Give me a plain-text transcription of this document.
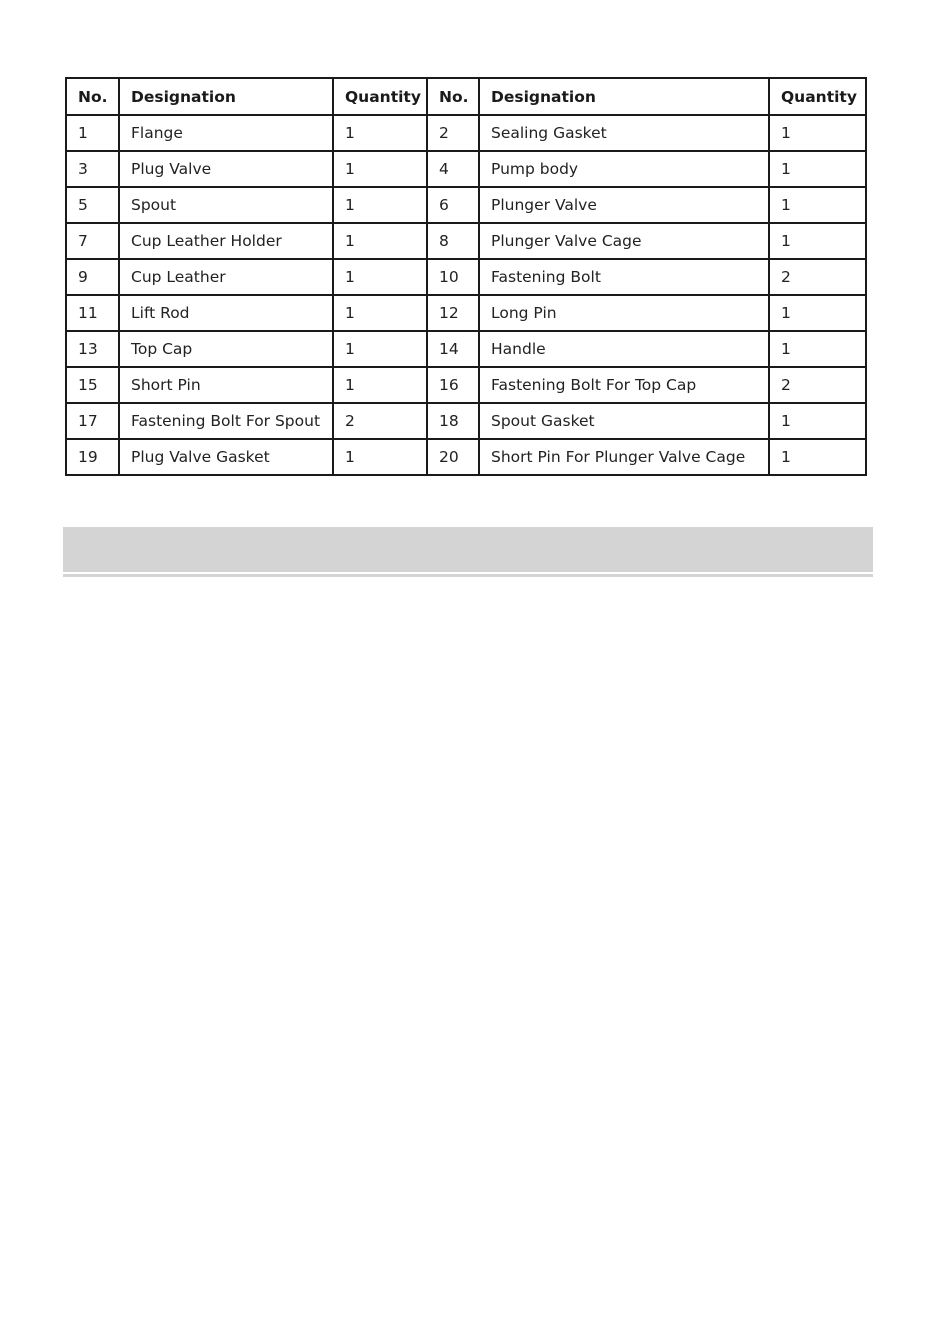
No.	Designation	Quantity	No.	Designation	Quantity
1	Flange	1	2	Sealing Gasket	1
3	Plug Valve	1	4	Pump body	1
5	Spout	1	6	Plunger Valve	1
7	Cup Leather Holder	1	8	Plunger Valve Cage	1
9	Cup Leather	1	10	Fastening Bolt	2
11	Lift Rod	1	12	Long Pin	1
13	Top Cap	1	14	Handle	1
15	Short Pin	1	16	Fastening Bolt For Top Cap	2
17	Fastening Bolt For Spout	2	18	Spout Gasket	1
19	Plug Valve Gasket	1	20	Short Pin For Plunger Valve Cage	1
